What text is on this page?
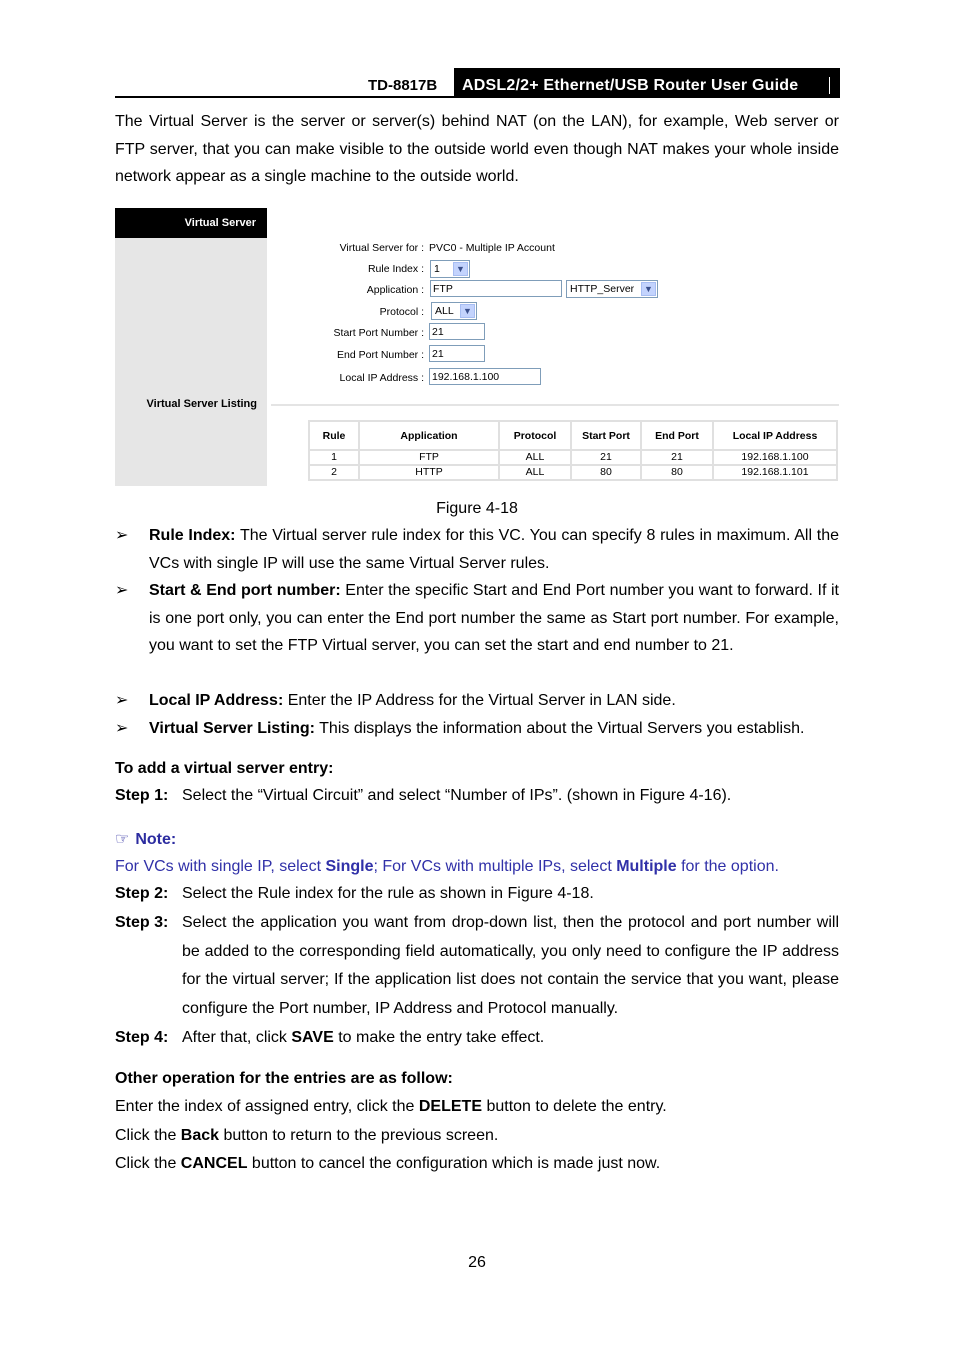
TD-8817B	ADSL2/2+ Ethernet/USB Router User Guide
The Virtual Server is the server or server(s) behind NAT (on the LAN), for example, Web server or FTP server, that you can make visible to the outside world even though NAT makes your whole inside network appear as a single machine to the outside world.
Virtual Server
Virtual Server Listing
Virtual Server for : PVC0 - Multiple IP Account
Rule Index : 1	▼
Application : FTP	HTTP_Server	▼
Protocol :	ALL	▼
Start Port Number : 21
End Port Number : 21
Local IP Address : 192.168.1.100
Rule	Application	Protocol	Start Port	End Port	Local IP Address
1	FTP	ALL	21	21	192.168.1.100
2	HTTP	ALL	80	80	192.168.1.101
Figure 4-18
➢ Rule Index: The Virtual server rule index for this VC. You can specify 8 rules in maximum. All the VCs with single IP will use the same Virtual Server rules.
➢ Start & End port number: Enter the specific Start and End Port number you want to forward. If it is one port only, you can enter the End port number the same as Start port number. For example, you want to set the FTP Virtual server, you can set the start and end number to 21.
➢ Local IP Address: Enter the IP Address for the Virtual Server in LAN side.
➢ Virtual Server Listing: This displays the information about the Virtual Servers you establish.
To add a virtual server entry:
Step 1: Select the “Virtual Circuit” and select “Number of IPs”. (shown in Figure 4-16).
☞ Note:
For VCs with single IP, select Single; For VCs with multiple IPs, select Multiple for the option.
Step 2: Select the Rule index for the rule as shown in Figure 4-18.
Step 3: Select the application you want from drop-down list, then the protocol and port number will be added to the corresponding field automatically, you only need to configure the IP address for the virtual server; If the application list does not contain the service that you want, please configure the Port number, IP Address and Protocol manually.
Step 4: After that, click SAVE to make the entry take effect.
Other operation for the entries are as follow:
Enter the index of assigned entry, click the DELETE button to delete the entry.
Click the Back button to return to the previous screen.
Click the CANCEL button to cancel the configuration which is made just now.
26
